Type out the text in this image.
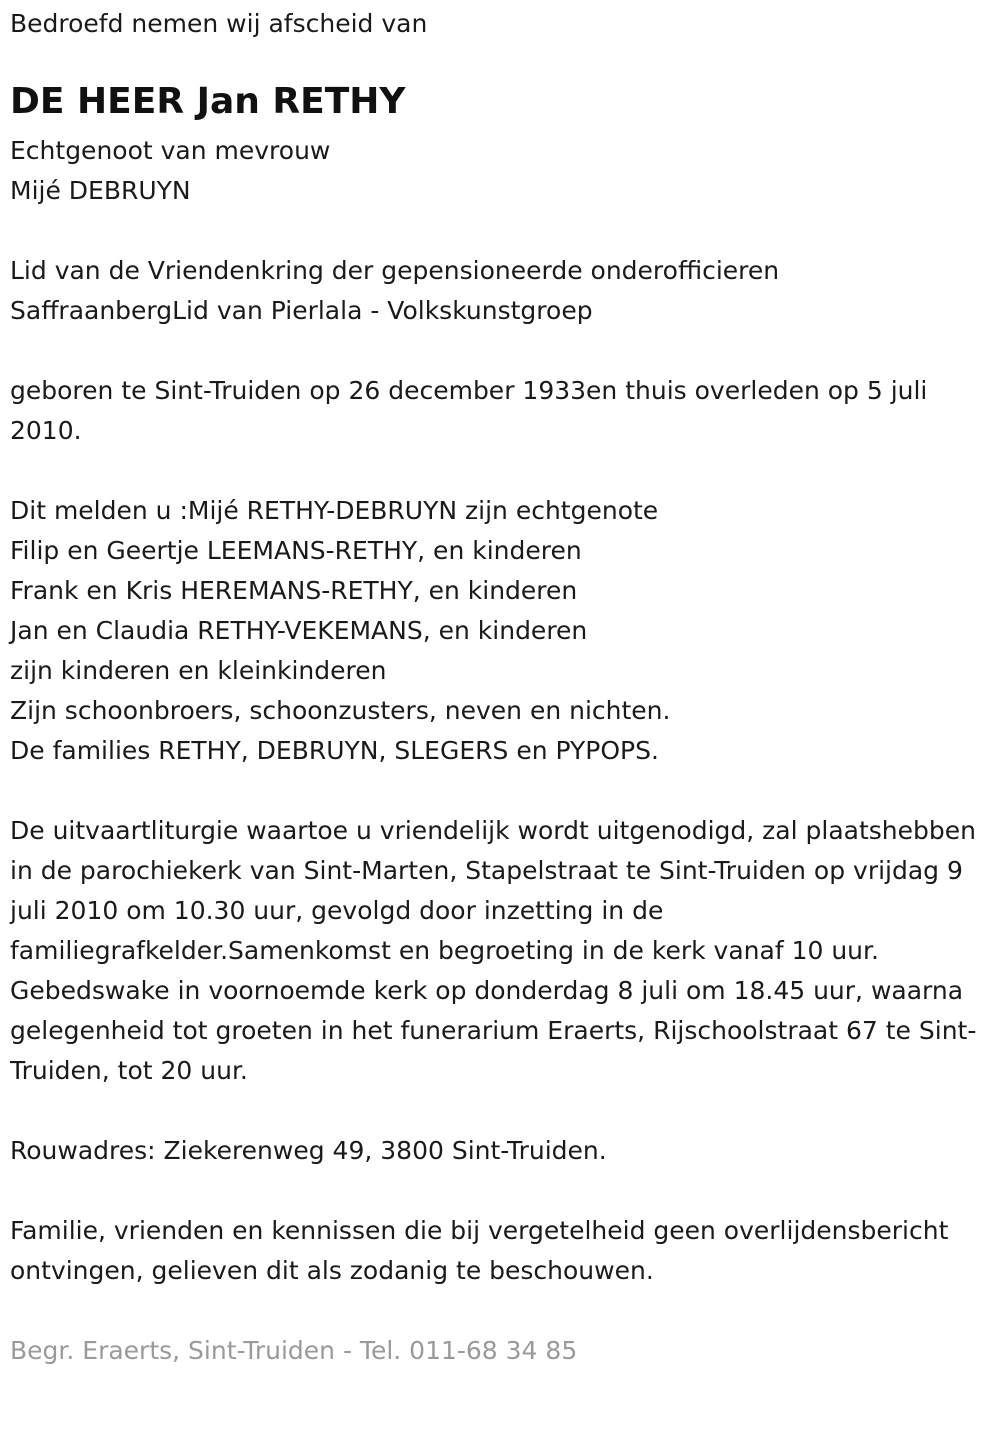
Bedroefd nemen wij afscheid van

DE HEER Jan RETHY

Echtgenoot van mevrouw

Mijé DEBRUYN

Lid van de Vriendenkring der gepensioneerde onderofficieren

SaffraanbergLid van Pierlala - Volkskunstgroep

geboren te Sint-Truiden op 26 december 1933en thuis overleden op 5 juli 2010.

Dit melden u :Mijé RETHY-DEBRUYN zijn echtgenote

Filip en Geertje LEEMANS-RETHY, en kinderen

Frank en Kris HEREMANS-RETHY, en kinderen

Jan en Claudia RETHY-VEKEMANS, en kinderen

zijn kinderen en kleinkinderen

Zijn schoonbroers, schoonzusters, neven en nichten.

De families RETHY, DEBRUYN, SLEGERS en PYPOPS.

De uitvaartliturgie waartoe u vriendelijk wordt uitgenodigd, zal plaatshebben in de parochiekerk van Sint-Marten, Stapelstraat te Sint-Truiden op vrijdag 9 juli 2010 om 10.30 uur, gevolgd door inzetting in de familiegrafkelder.Samenkomst en begroeting in de kerk vanaf 10 uur.

Gebedswake in voornoemde kerk op donderdag 8 juli om 18.45 uur, waarna gelegenheid tot groeten in het funerarium Eraerts, Rijschoolstraat 67 te Sint-Truiden, tot 20 uur.

Rouwadres: Ziekerenweg 49, 3800 Sint-Truiden.

Familie, vrienden en kennissen die bij vergetelheid geen overlijdensbericht ontvingen, gelieven dit als zodanig te beschouwen.

Begr. Eraerts, Sint-Truiden - Tel. 011-68 34 85
